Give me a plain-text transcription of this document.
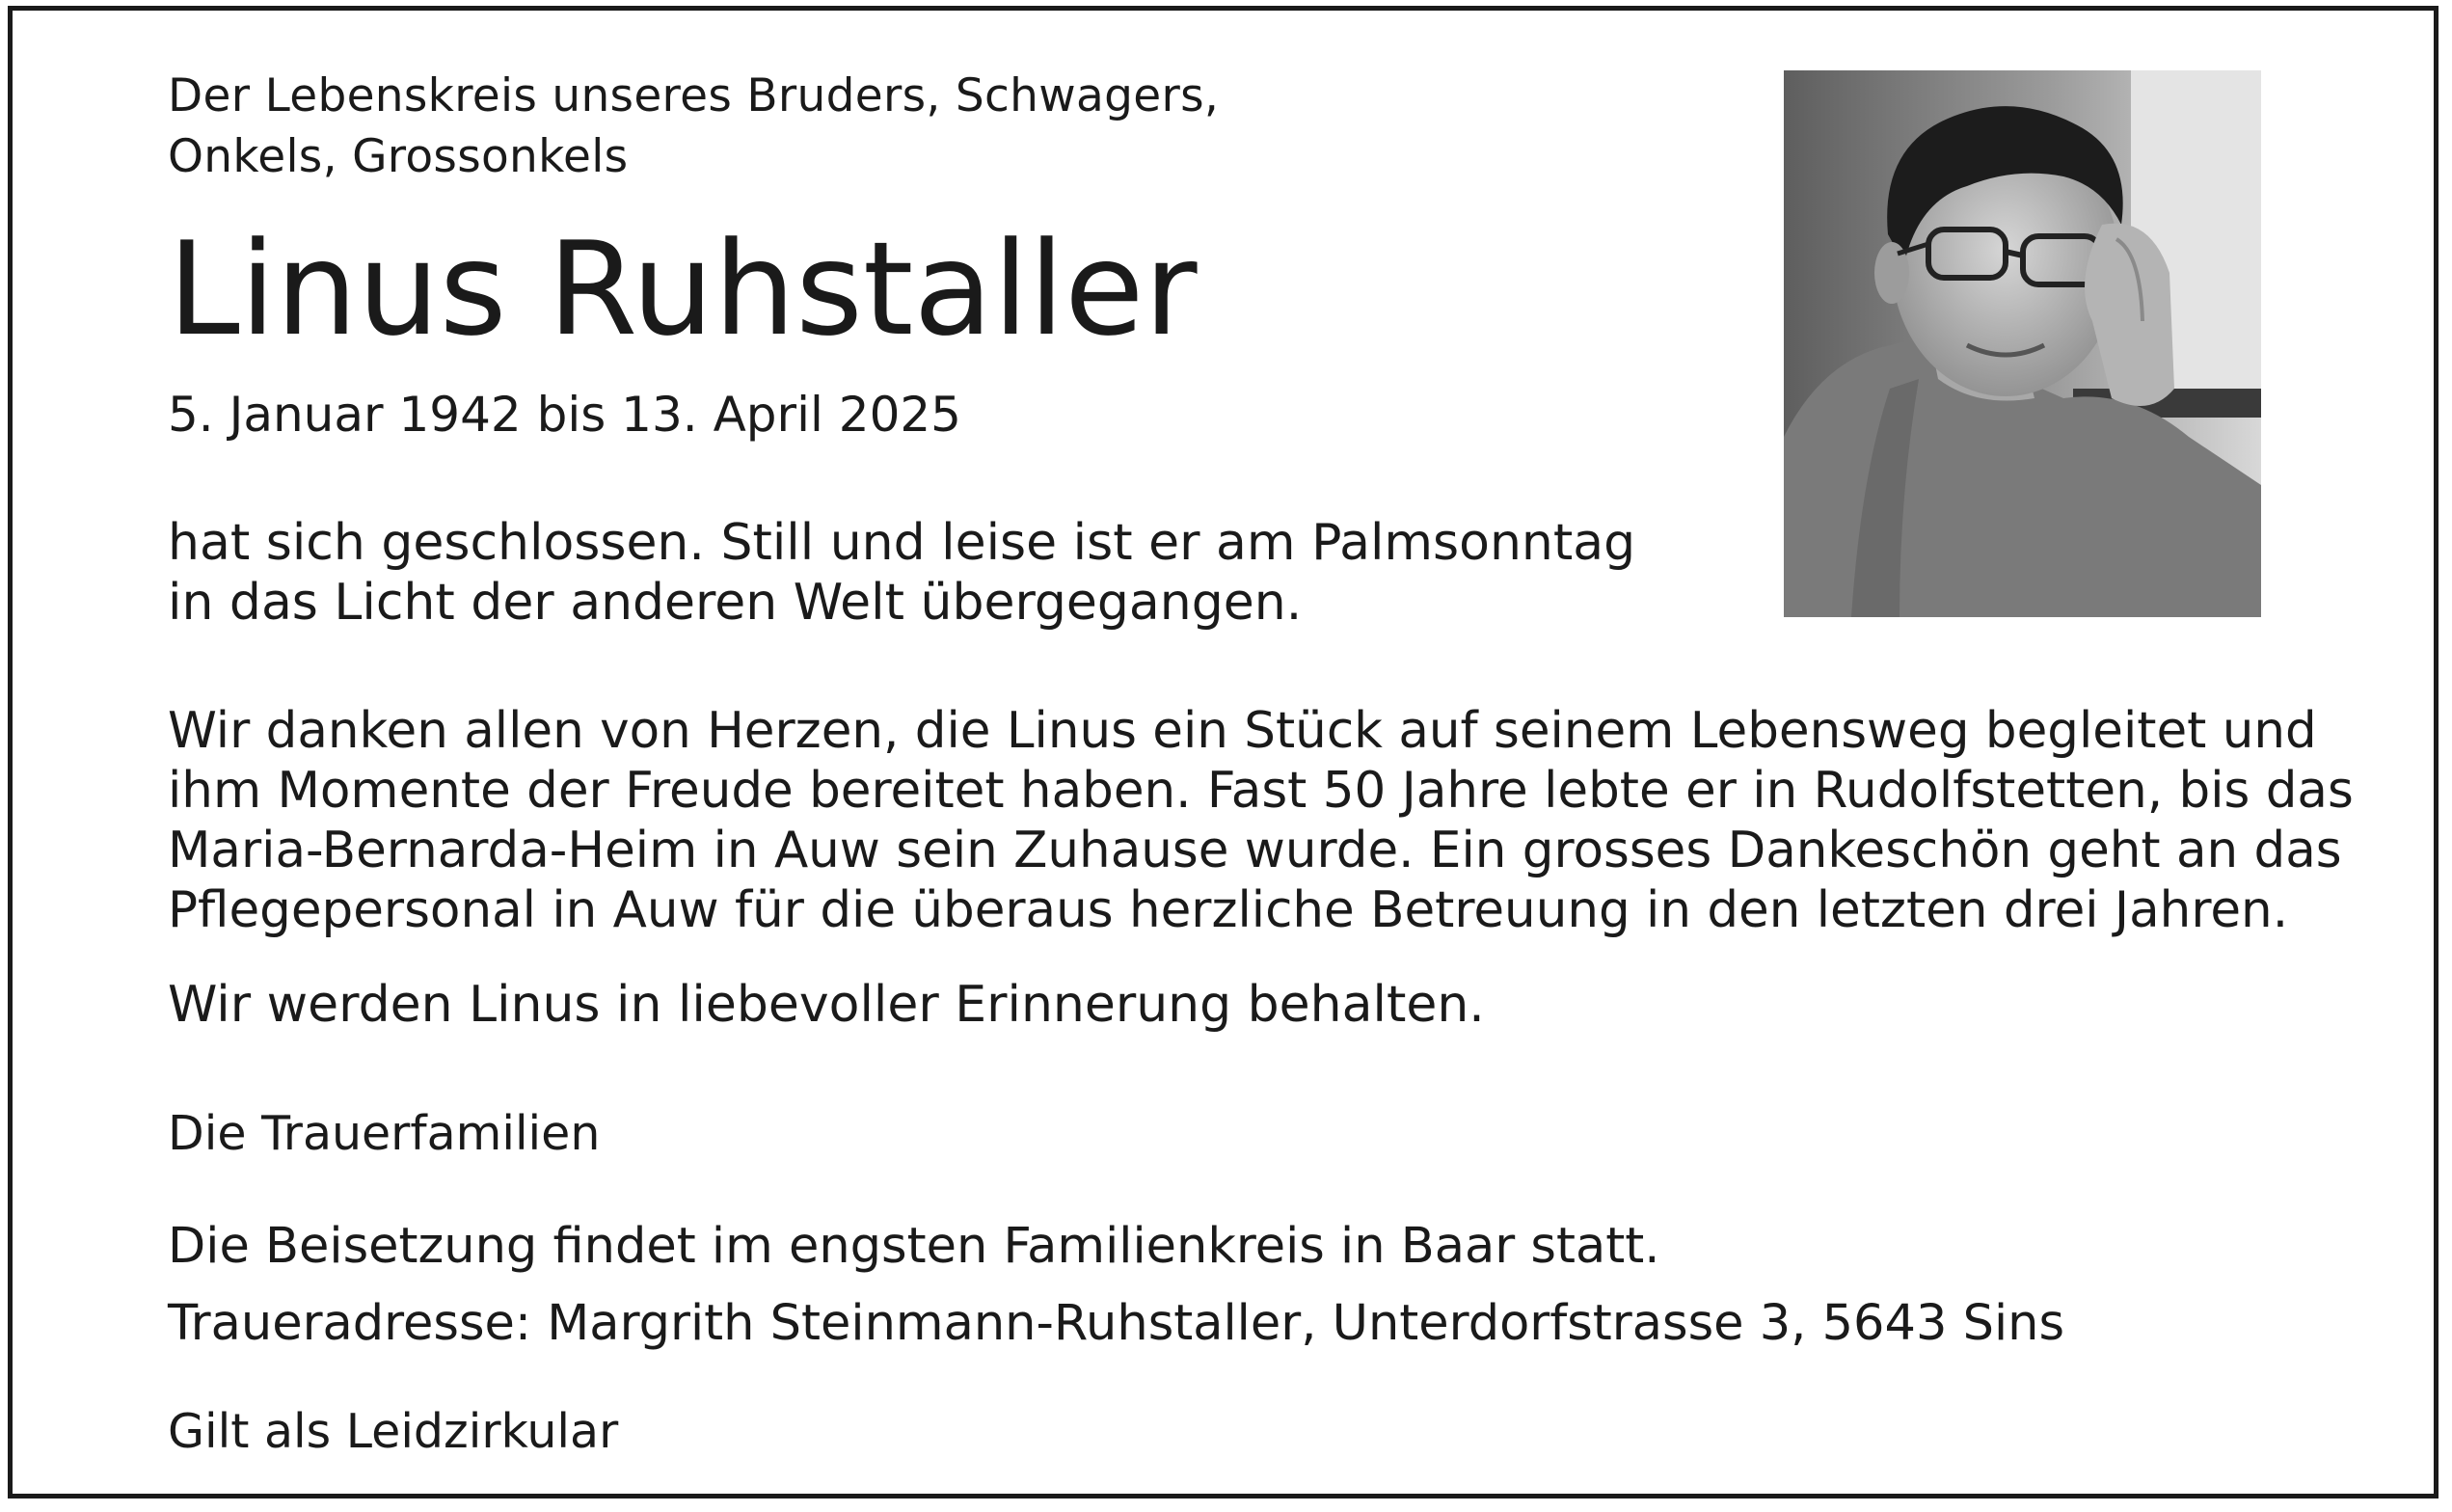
Der Lebenskreis unseres Bruders, Schwagers,
Onkels, Grossonkels

Linus Ruhstaller

5. Januar 1942 bis 13. April 2025

hat sich geschlossen. Still und leise ist er am Palmsonntag
in das Licht der anderen Welt übergegangen.

Wir danken allen von Herzen, die Linus ein Stück auf seinem Lebensweg begleitet und
ihm Momente der Freude bereitet haben. Fast 50 Jahre lebte er in Rudolfstetten, bis das
Maria-Bernarda-Heim in Auw sein Zuhause wurde. Ein grosses Dankeschön geht an das
Pflegepersonal in Auw für die überaus herzliche Betreuung in den letzten drei Jahren.

Wir werden Linus in liebevoller Erinnerung behalten.

Die Trauerfamilien

Die Beisetzung findet im engsten Familienkreis in Baar statt.

Traueradresse: Margrith Steinmann-Ruhstaller, Unterdorfstrasse 3, 5643 Sins

Gilt als Leidzirkular
